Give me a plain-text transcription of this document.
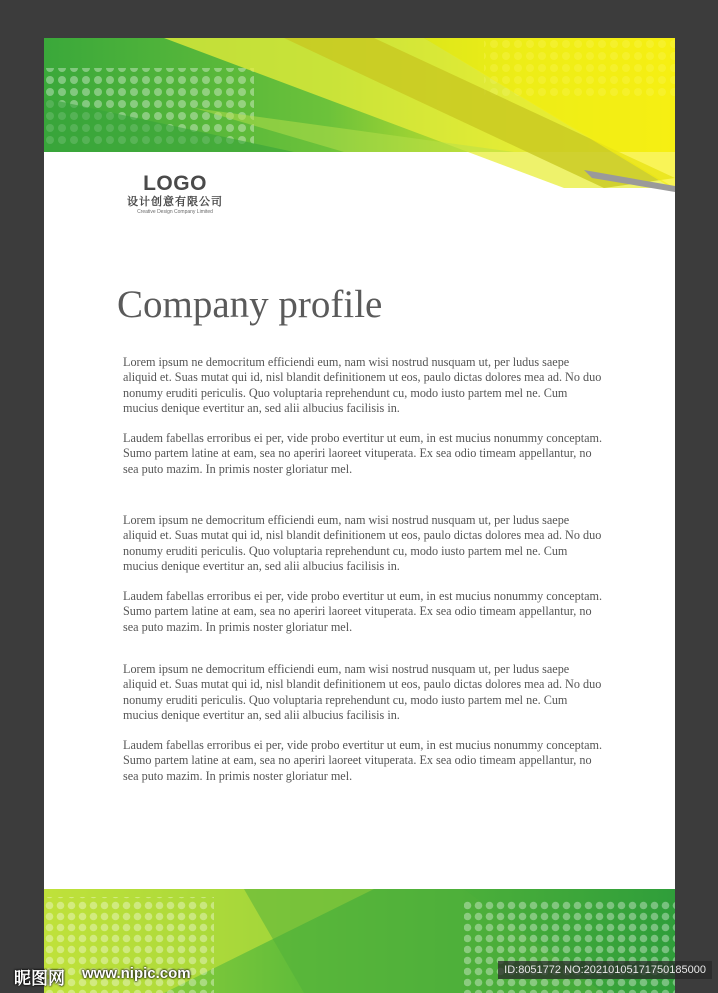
LOGO
设计创意有限公司
Creative Design Company Limited
Company profile

Lorem ipsum ne democritum efficiendi eum, nam wisi nostrud nusquam ut, per ludus saepe aliquid et. Suas mutat qui id, nisl blandit definitionem ut eos, paulo dictas dolores mea ad. No duo nonumy eruditi periculis. Quo voluptaria reprehendunt cu, modo iusto partem mel ne. Cum mucius denique evertitur an, sed alii albucius facilisis in.

Laudem fabellas erroribus ei per, vide probo evertitur ut eum, in est mucius nonummy conceptam. Sumo partem latine at eam, sea no aperiri laoreet vituperata. Ex sea odio timeam appellantur, no sea puto mazim. In primis noster gloriatur mel.

Lorem ipsum ne democritum efficiendi eum, nam wisi nostrud nusquam ut, per ludus saepe aliquid et. Suas mutat qui id, nisl blandit definitionem ut eos, paulo dictas dolores mea ad. No duo nonumy eruditi periculis. Quo voluptaria reprehendunt cu, modo iusto partem mel ne. Cum mucius denique evertitur an, sed alii albucius facilisis in.

Laudem fabellas erroribus ei per, vide probo evertitur ut eum, in est mucius nonummy conceptam. Sumo partem latine at eam, sea no aperiri laoreet vituperata. Ex sea odio timeam appellantur, no sea puto mazim. In primis noster gloriatur mel.

Lorem ipsum ne democritum efficiendi eum, nam wisi nostrud nusquam ut, per ludus saepe aliquid et. Suas mutat qui id, nisl blandit definitionem ut eos, paulo dictas dolores mea ad. No duo nonumy eruditi periculis. Quo voluptaria reprehendunt cu, modo iusto partem mel ne. Cum mucius denique evertitur an, sed alii albucius facilisis in.

Laudem fabellas erroribus ei per, vide probo evertitur ut eum, in est mucius nonummy conceptam. Sumo partem latine at eam, sea no aperiri laoreet vituperata. Ex sea odio timeam appellantur, no sea puto mazim. In primis noster gloriatur mel.

昵图网 www.nipic.com	ID:8051772 NO:20210105171750185000
